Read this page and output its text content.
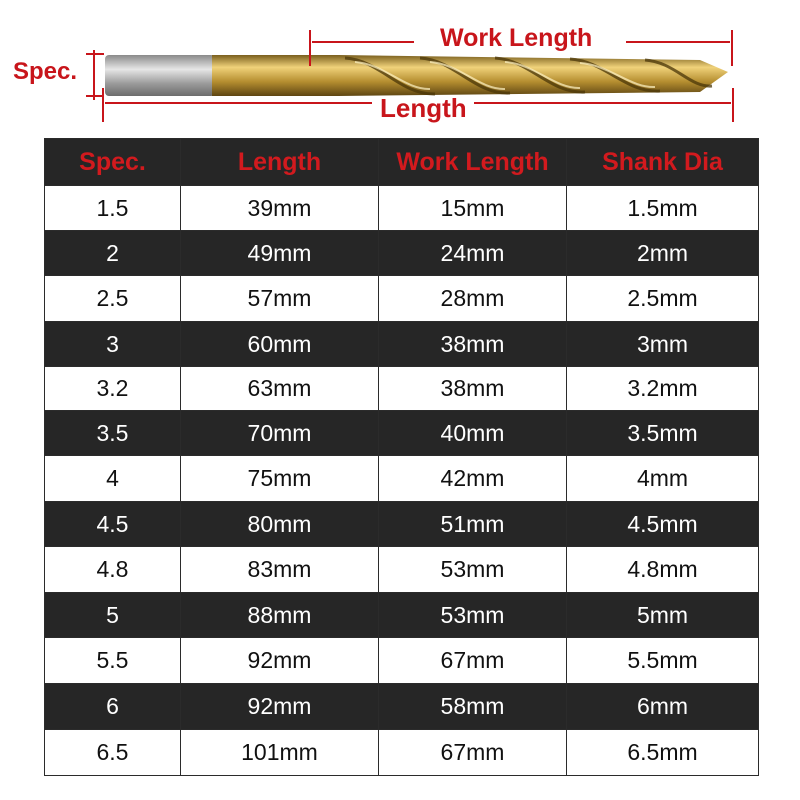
Spec.
Work Length
Length
Spec.	Length	Work Length	Shank Dia
1.5	39mm	15mm	1.5mm
2	49mm	24mm	2mm
2.5	57mm	28mm	2.5mm
3	60mm	38mm	3mm
3.2	63mm	38mm	3.2mm
3.5	70mm	40mm	3.5mm
4	75mm	42mm	4mm
4.5	80mm	51mm	4.5mm
4.8	83mm	53mm	4.8mm
5	88mm	53mm	5mm
5.5	92mm	67mm	5.5mm
6	92mm	58mm	6mm
6.5	101mm	67mm	6.5mm
